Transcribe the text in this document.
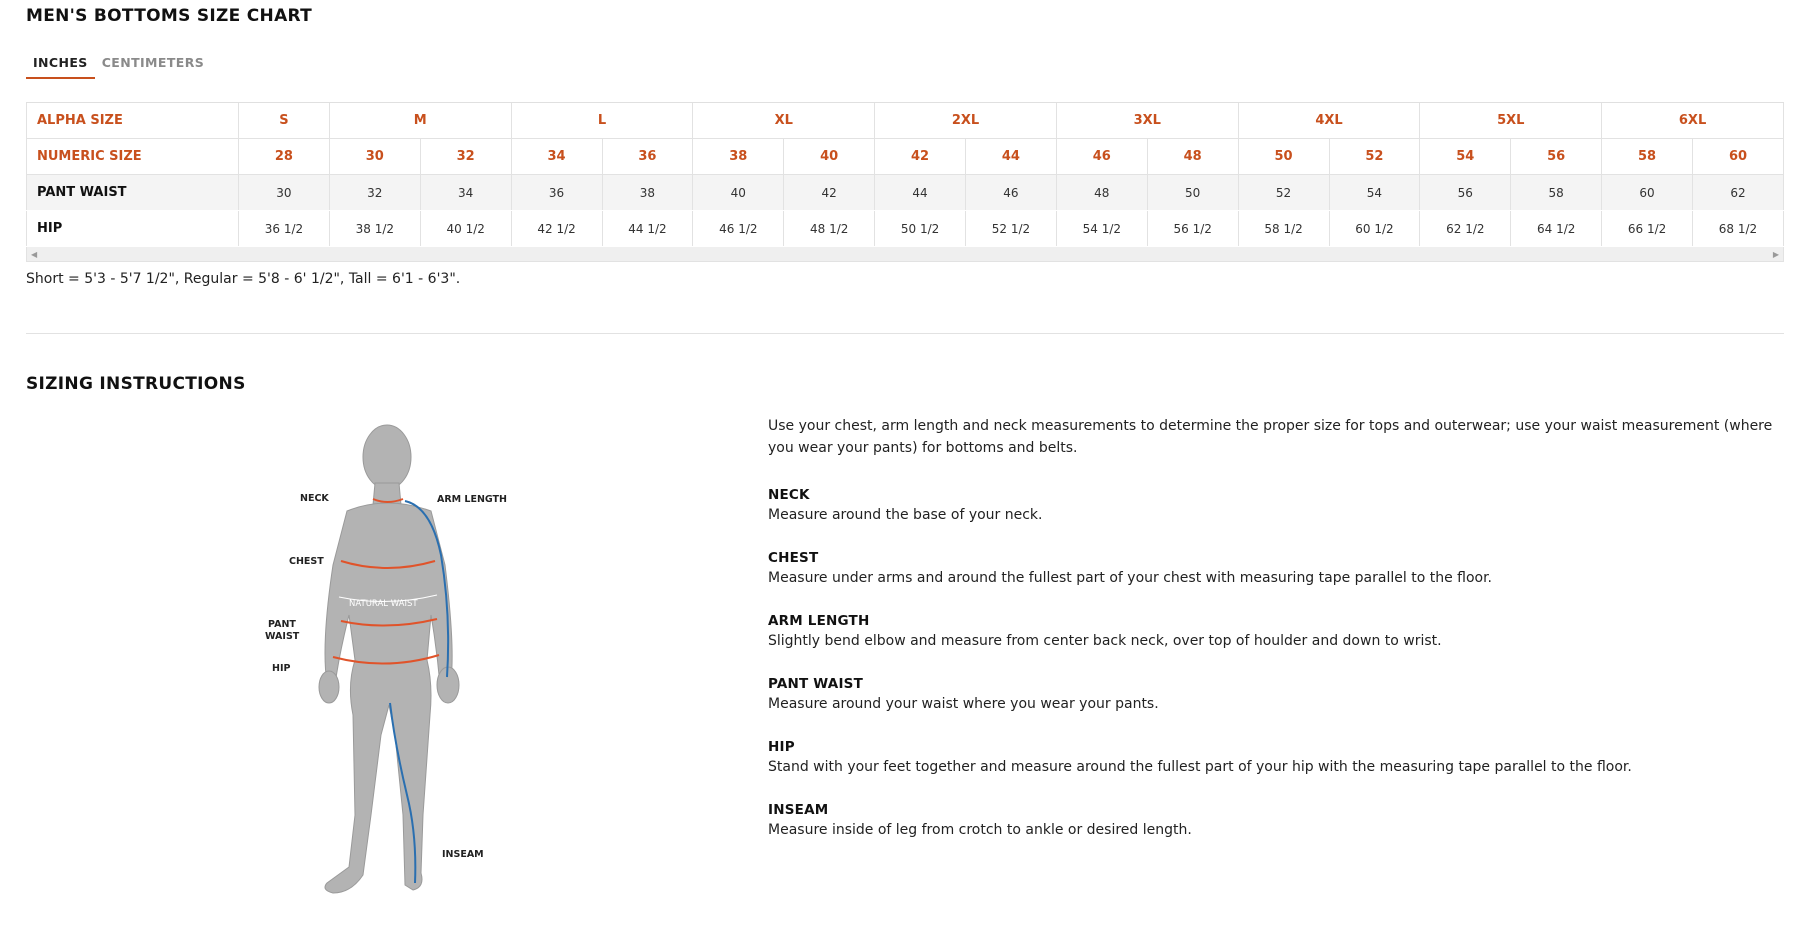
MEN'S BOTTOMS SIZE CHART
INCHES	CENTIMETERS
ALPHA SIZE	S	M		L		XL		2XL		3XL		4XL		5XL		6XL	
NUMERIC SIZE	28	30	32	34	36	38	40	42	44	46	48	50	52	54	56	58	60
PANT WAIST	30	32	34	36	38	40	42	44	46	48	50	52	54	56	58	60	62
HIP	36 1/2	38 1/2	40 1/2	42 1/2	44 1/2	46 1/2	48 1/2	50 1/2	52 1/2	54 1/2	56 1/2	58 1/2	60 1/2	62 1/2	64 1/2	66 1/2	68 1/2
◀	▶
Short = 5'3 - 5'7 1/2", Regular = 5'8 - 6' 1/2", Tall = 6'1 - 6'3".
SIZING INSTRUCTIONS
NECK	ARM LENGTH
CHEST
NATURAL WAIST
PANT
WAIST
HIP
INSEAM

Use your chest, arm length and neck measurements to determine the proper size for tops and outerwear; use your waist measurement (where you wear your pants) for bottoms and belts.

NECK
Measure around the base of your neck.
CHEST
Measure under arms and around the fullest part of your chest with measuring tape parallel to the floor.
ARM LENGTH
Slightly bend elbow and measure from center back neck, over top of houlder and down to wrist.
PANT WAIST
Measure around your waist where you wear your pants.
HIP
Stand with your feet together and measure around the fullest part of your hip with the measuring tape parallel to the floor.
INSEAM
Measure inside of leg from crotch to ankle or desired length.
